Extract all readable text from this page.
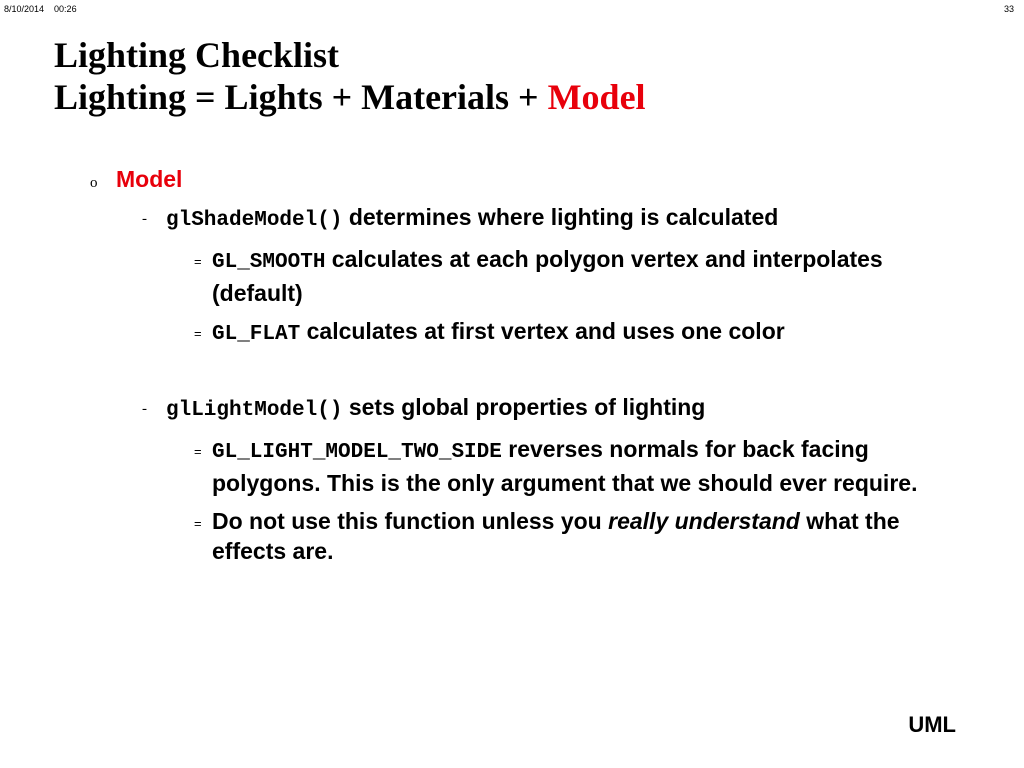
8/10/2014 00:26	33
Lighting Checklist
Lighting = Lights + Materials + Model
o Model
- glShadeModel() determines where lighting is calculated
= GL_SMOOTH calculates at each polygon vertex and interpolates (default)
= GL_FLAT calculates at first vertex and uses one color
- glLightModel() sets global properties of lighting
= GL_LIGHT_MODEL_TWO_SIDE reverses normals for back facing polygons. This is the only argument that we should ever require.
= Do not use this function unless you really understand what the effects are.
UML
